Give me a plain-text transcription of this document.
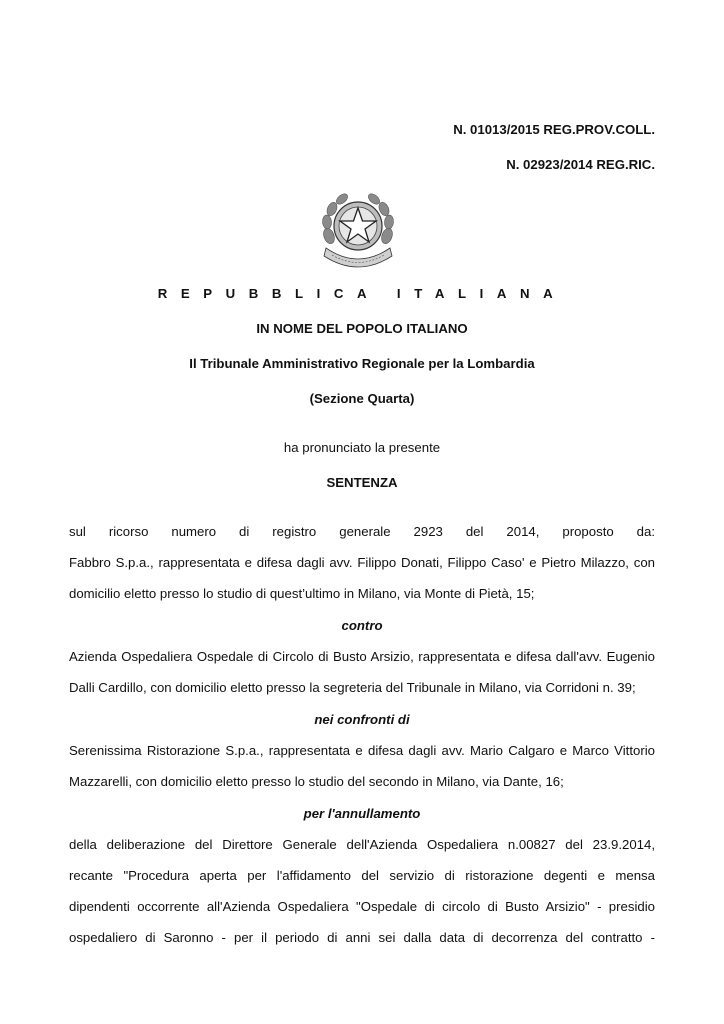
N. 01013/2015 REG.PROV.COLL.
N. 02923/2014 REG.RIC.
REPUBBLICA ITALIANA
IN NOME DEL POPOLO ITALIANO
Il Tribunale Amministrativo Regionale per la Lombardia
(Sezione Quarta)
ha pronunciato la presente
SENTENZA
sul ricorso numero di registro generale 2923 del 2014, proposto da:
Fabbro S.p.a., rappresentata e difesa dagli avv. Filippo Donati, Filippo Caso' e Pietro Milazzo, con
domicilio eletto presso lo studio di quest’ultimo in Milano, via Monte di Pietà, 15;
contro
Azienda Ospedaliera Ospedale di Circolo di Busto Arsizio, rappresentata e difesa dall'avv. Eugenio
Dalli Cardillo, con domicilio eletto presso la segreteria del Tribunale in Milano, via Corridoni n. 39;
nei confronti di
Serenissima Ristorazione S.p.a., rappresentata e difesa dagli avv. Mario Calgaro e Marco Vittorio
Mazzarelli, con domicilio eletto presso lo studio del secondo in Milano, via Dante, 16;
per l'annullamento
della deliberazione del Direttore Generale dell'Azienda Ospedaliera n.00827 del 23.9.2014,
recante "Procedura aperta per l'affidamento del servizio di ristorazione degenti e mensa
dipendenti occorrente all'Azienda Ospedaliera "Ospedale di circolo di Busto Arsizio" - presidio
ospedaliero di Saronno - per il periodo di anni sei dalla data di decorrenza del contratto -
